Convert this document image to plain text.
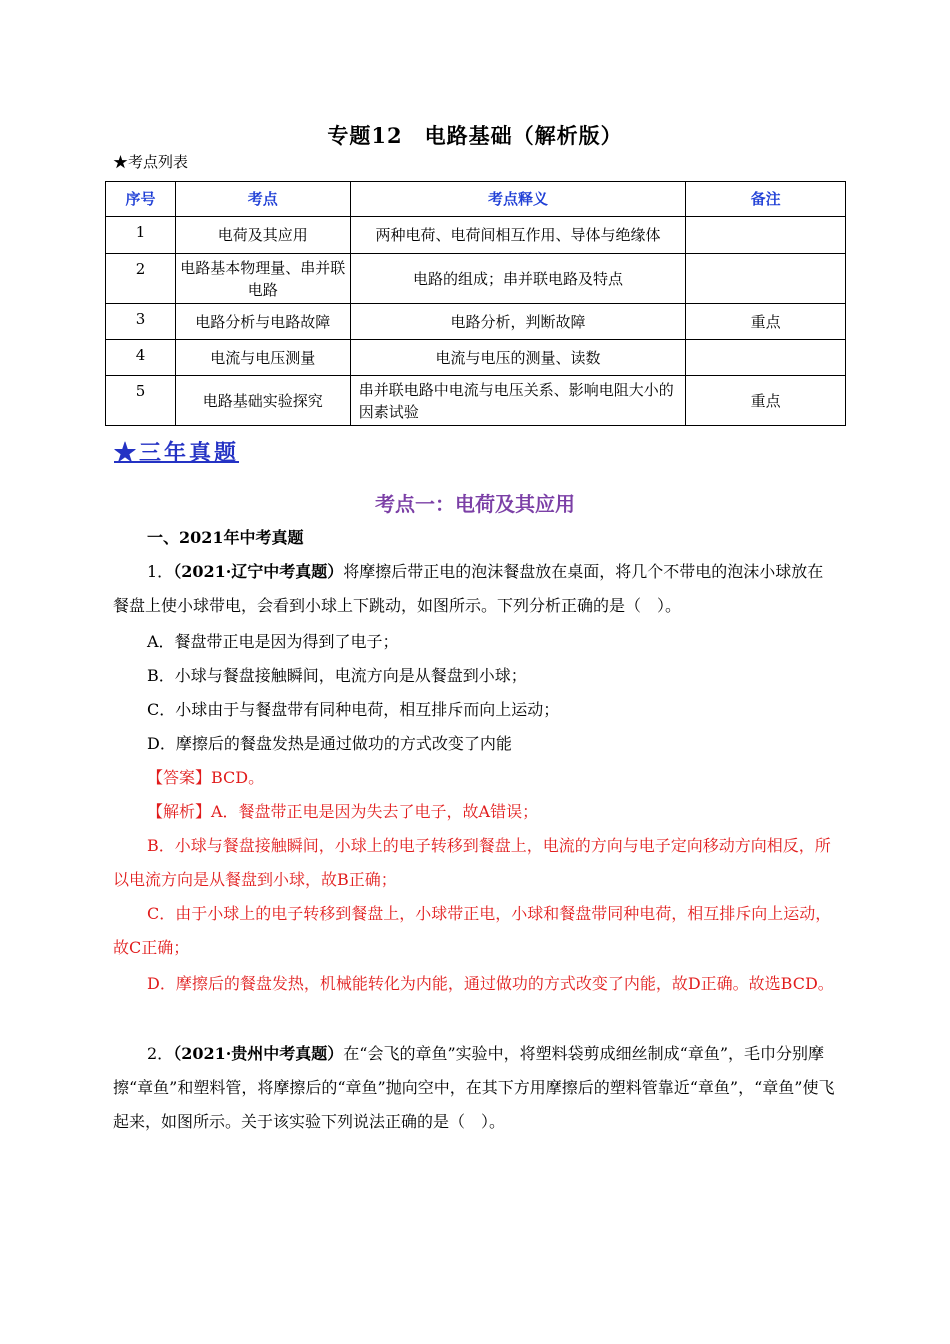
专题12　电路基础（解析版）
★考点列表
序号	考点	考点释义	备注
1	电荷及其应用	两种电荷、电荷间相互作用、导体与绝缘体	
2	电路基本物理量、串并联电路	电路的组成；串并联电路及特点	
3	电路分析与电路故障	电路分析，判断故障	重点
4	电流与电压测量	电流与电压的测量、读数	
5	电路基础实验探究	串并联电路中电流与电压关系、影响电阻大小的因素试验	重点
★三年真题
考点一：电荷及其应用
一、2021年中考真题
1．（2021·辽宁中考真题）将摩擦后带正电的泡沫餐盘放在桌面，将几个不带电的泡沫小球放在餐盘上使小球带电，会看到小球上下跳动，如图所示。下列分析正确的是（　）。
A．餐盘带正电是因为得到了电子；
B．小球与餐盘接触瞬间，电流方向是从餐盘到小球；
C．小球由于与餐盘带有同种电荷，相互排斥而向上运动；
D．摩擦后的餐盘发热是通过做功的方式改变了内能
【答案】BCD。
【解析】A．餐盘带正电是因为失去了电子，故A错误；
B．小球与餐盘接触瞬间，小球上的电子转移到餐盘上，电流的方向与电子定向移动方向相反，所以电流方向是从餐盘到小球，故B正确；
C．由于小球上的电子转移到餐盘上，小球带正电，小球和餐盘带同种电荷，相互排斥向上运动，故C正确；
D．摩擦后的餐盘发热，机械能转化为内能，通过做功的方式改变了内能，故D正确。故选BCD。
2．（2021·贵州中考真题）在“会飞的章鱼”实验中，将塑料袋剪成细丝制成“章鱼”，毛巾分别摩擦“章鱼”和塑料管，将摩擦后的“章鱼”抛向空中，在其下方用摩擦后的塑料管靠近“章鱼”，“章鱼”使飞起来，如图所示。关于该实验下列说法正确的是（　）。
